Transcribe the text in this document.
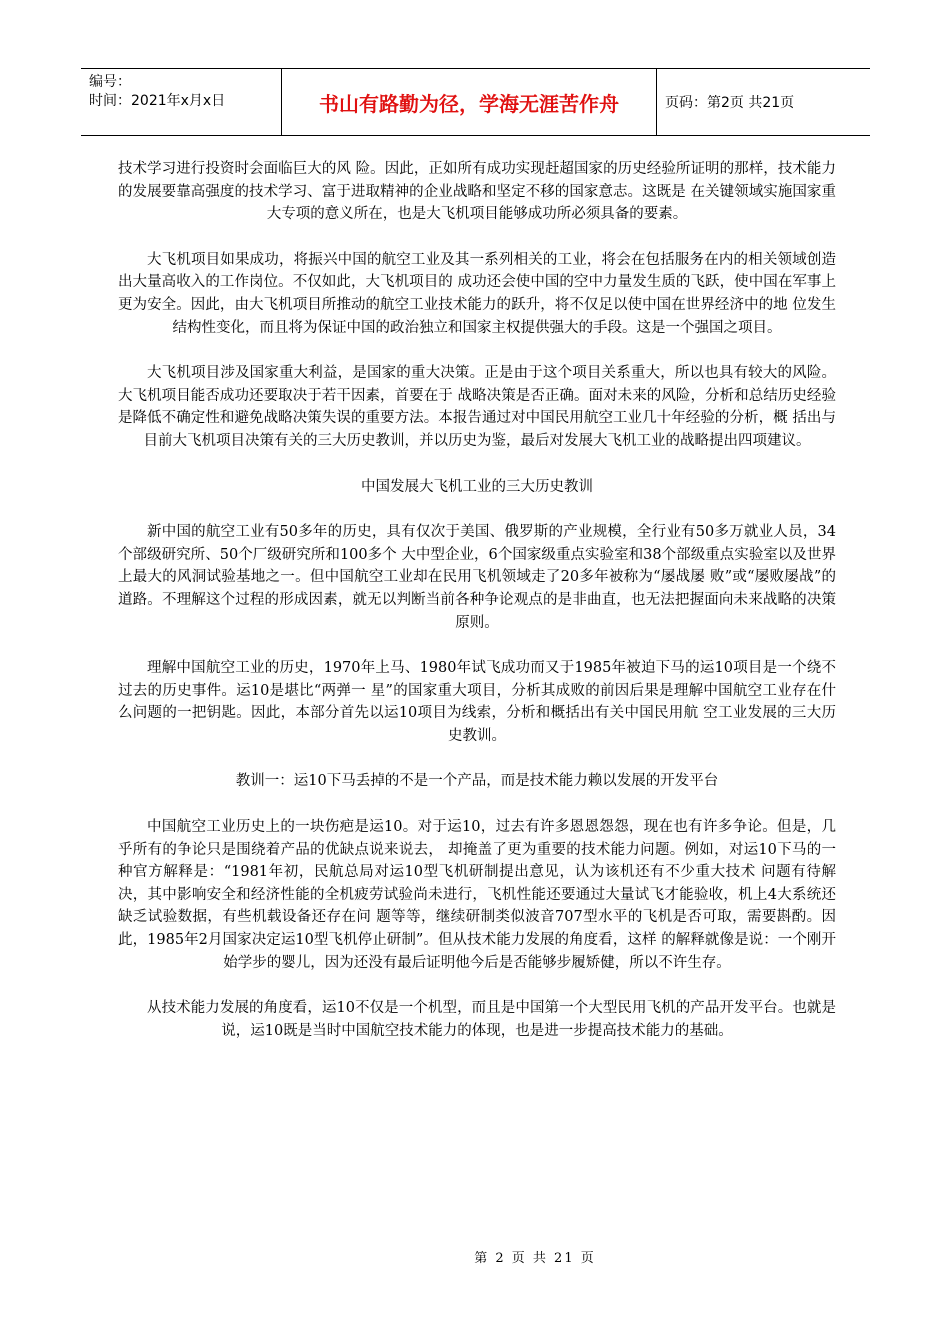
编号：
时间：2021年x月x日	书山有路勤为径，学海无涯苦作舟	页码：第2页 共21页

技术学习进行投资时会面临巨大的风 险。因此，正如所有成功实现赶超国家的历史经验所证明的那样，技术能力的发展要靠高强度的技术学习、富于进取精神的企业战略和坚定不移的国家意志。这既是 在关键领域实施国家重大专项的意义所在，也是大飞机项目能够成功所必须具备的要素。

大飞机项目如果成功，将振兴中国的航空工业及其一系列相关的工业，将会在包括服务在内的相关领域创造出大量高收入的工作岗位。不仅如此，大飞机项目的 成功还会使中国的空中力量发生质的飞跃，使中国在军事上更为安全。因此，由大飞机项目所推动的航空工业技术能力的跃升，将不仅足以使中国在世界经济中的地 位发生结构性变化，而且将为保证中国的政治独立和国家主权提供强大的手段。这是一个强国之项目。

大飞机项目涉及国家重大利益，是国家的重大决策。正是由于这个项目关系重大，所以也具有较大的风险。大飞机项目能否成功还要取决于若干因素，首要在于 战略决策是否正确。面对未来的风险，分析和总结历史经验是降低不确定性和避免战略决策失误的重要方法。本报告通过对中国民用航空工业几十年经验的分析，概 括出与目前大飞机项目决策有关的三大历史教训，并以历史为鉴，最后对发展大飞机工业的战略提出四项建议。

中国发展大飞机工业的三大历史教训

新中国的航空工业有50多年的历史，具有仅次于美国、俄罗斯的产业规模，全行业有50多万就业人员，34个部级研究所、50个厂级研究所和100多个 大中型企业，6个国家级重点实验室和38个部级重点实验室以及世界上最大的风洞试验基地之一。但中国航空工业却在民用飞机领域走了20多年被称为“屡战屡 败”或“屡败屡战”的道路。不理解这个过程的形成因素，就无以判断当前各种争论观点的是非曲直，也无法把握面向未来战略的决策原则。

理解中国航空工业的历史，1970年上马、1980年试飞成功而又于1985年被迫下马的运10项目是一个绕不过去的历史事件。运10是堪比“两弹一 星”的国家重大项目，分析其成败的前因后果是理解中国航空工业存在什么问题的一把钥匙。因此，本部分首先以运10项目为线索，分析和概括出有关中国民用航 空工业发展的三大历史教训。

教训一：运10下马丢掉的不是一个产品，而是技术能力赖以发展的开发平台

中国航空工业历史上的一块伤疤是运10。对于运10，过去有许多恩恩怨怨，现在也有许多争论。但是，几乎所有的争论只是围绕着产品的优缺点说来说去， 却掩盖了更为重要的技术能力问题。例如，对运10下马的一种官方解释是：“1981年初，民航总局对运10型飞机研制提出意见，认为该机还有不少重大技术 问题有待解决，其中影响安全和经济性能的全机疲劳试验尚未进行，飞机性能还要通过大量试飞才能验收，机上4大系统还缺乏试验数据，有些机载设备还存在问 题等等，继续研制类似波音707型水平的飞机是否可取，需要斟酌。因此，1985年2月国家决定运10型飞机停止研制”。但从技术能力发展的角度看，这样 的解释就像是说：一个刚开始学步的婴儿，因为还没有最后证明他今后是否能够步履矫健，所以不许生存。

从技术能力发展的角度看，运10不仅是一个机型，而且是中国第一个大型民用飞机的产品开发平台。也就是说，运10既是当时中国航空技术能力的体现，也是进一步提高技术能力的基础。

第 2 页 共 21 页
